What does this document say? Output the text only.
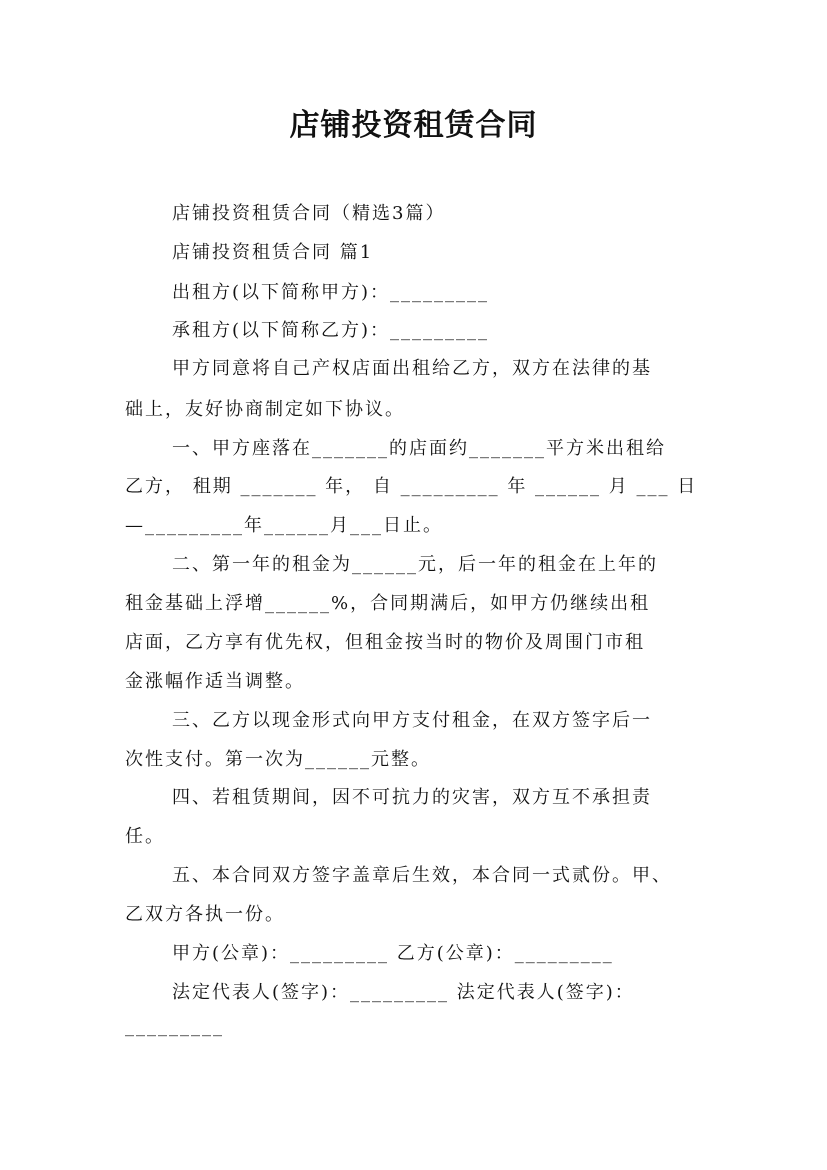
店铺投资租赁合同
店铺投资租赁合同（精选3篇）
店铺投资租赁合同 篇1
出租方(以下简称甲方)：_________
承租方(以下简称乙方)：_________
甲方同意将自己产权店面出租给乙方，双方在法律的基
础上，友好协商制定如下协议。
一、甲方座落在_______的店面约_______平方米出租给
乙方， 租期 _______ 年， 自 _________ 年 ______ 月 ___ 日
—_________年______月___日止。
二、第一年的租金为______元，后一年的租金在上年的
租金基础上浮增______%，合同期满后，如甲方仍继续出租
店面，乙方享有优先权，但租金按当时的物价及周围门市租
金涨幅作适当调整。
三、乙方以现金形式向甲方支付租金，在双方签字后一
次性支付。第一次为______元整。
四、若租赁期间，因不可抗力的灾害，双方互不承担责
任。
五、本合同双方签字盖章后生效，本合同一式贰份。甲、
乙双方各执一份。
甲方(公章)：_________ 乙方(公章)：_________
法定代表人(签字)：_________ 法定代表人(签字)：
_________
